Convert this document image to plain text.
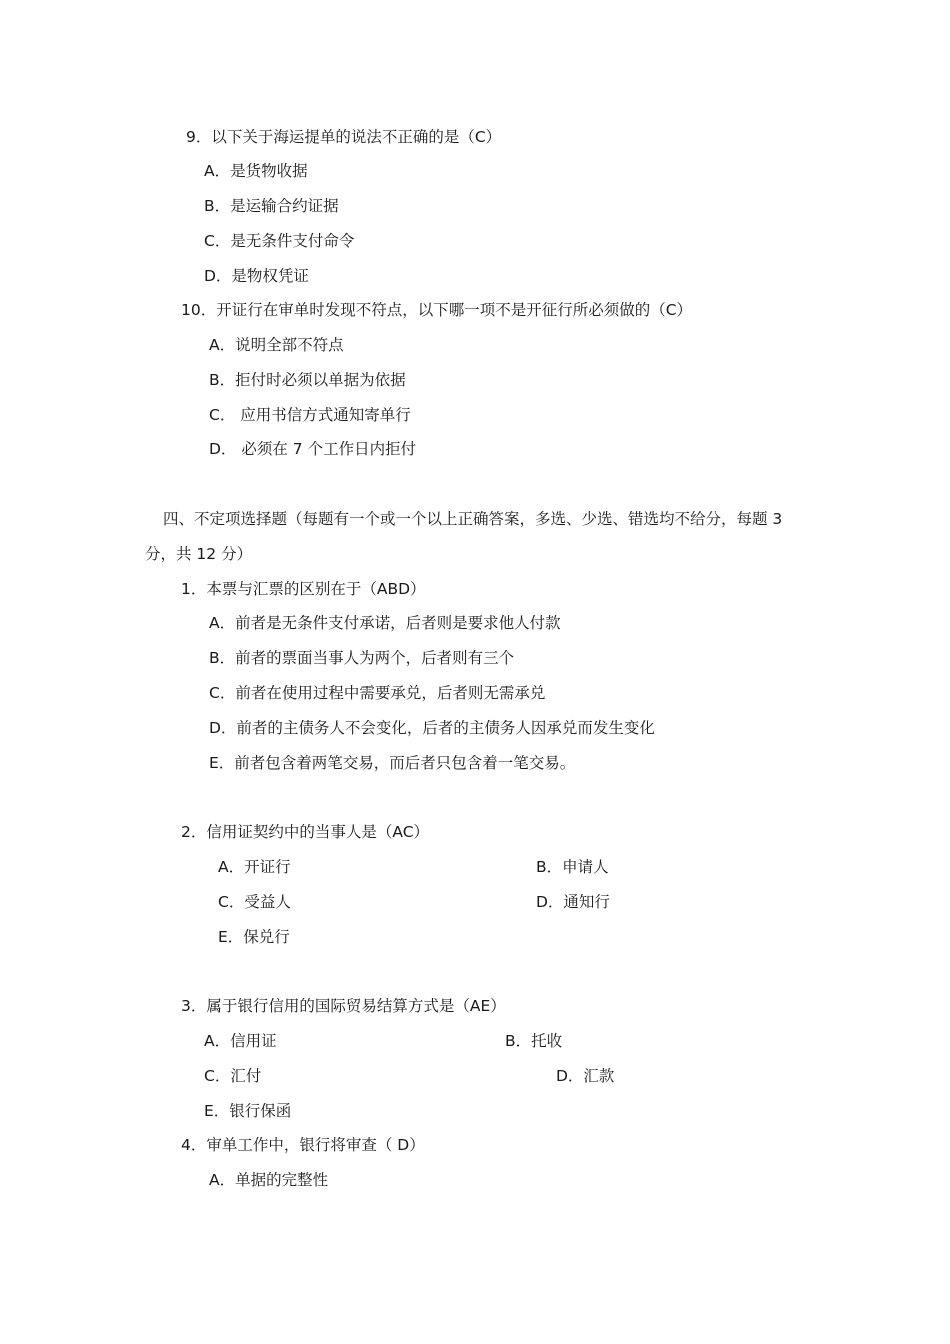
9．以下关于海运提单的说法不正确的是（C）
A．是货物收据
B．是运输合约证据
C．是无条件支付命令
D．是物权凭证
10．开证行在审单时发现不符点，以下哪一项不是开征行所必须做的（C）
A．说明全部不符点
B．拒付时必须以单据为依据
C． 应用书信方式通知寄单行
D． 必须在 7 个工作日内拒付
四、不定项选择题（每题有一个或一个以上正确答案，多选、少选、错选均不给分，每题 3
分，共 12 分）
1．本票与汇票的区别在于（ABD）
A．前者是无条件支付承诺，后者则是要求他人付款
B．前者的票面当事人为两个，后者则有三个
C．前者在使用过程中需要承兑，后者则无需承兑
D．前者的主债务人不会变化，后者的主债务人因承兑而发生变化
E．前者包含着两笔交易，而后者只包含着一笔交易。
2．信用证契约中的当事人是（AC）
A．开证行	B．申请人
C．受益人	D．通知行
E．保兑行
3．属于银行信用的国际贸易结算方式是（AE）
A．信用证	B．托收
C．汇付	D．汇款
E．银行保函
4．审单工作中，银行将审查（ D）
A．单据的完整性
